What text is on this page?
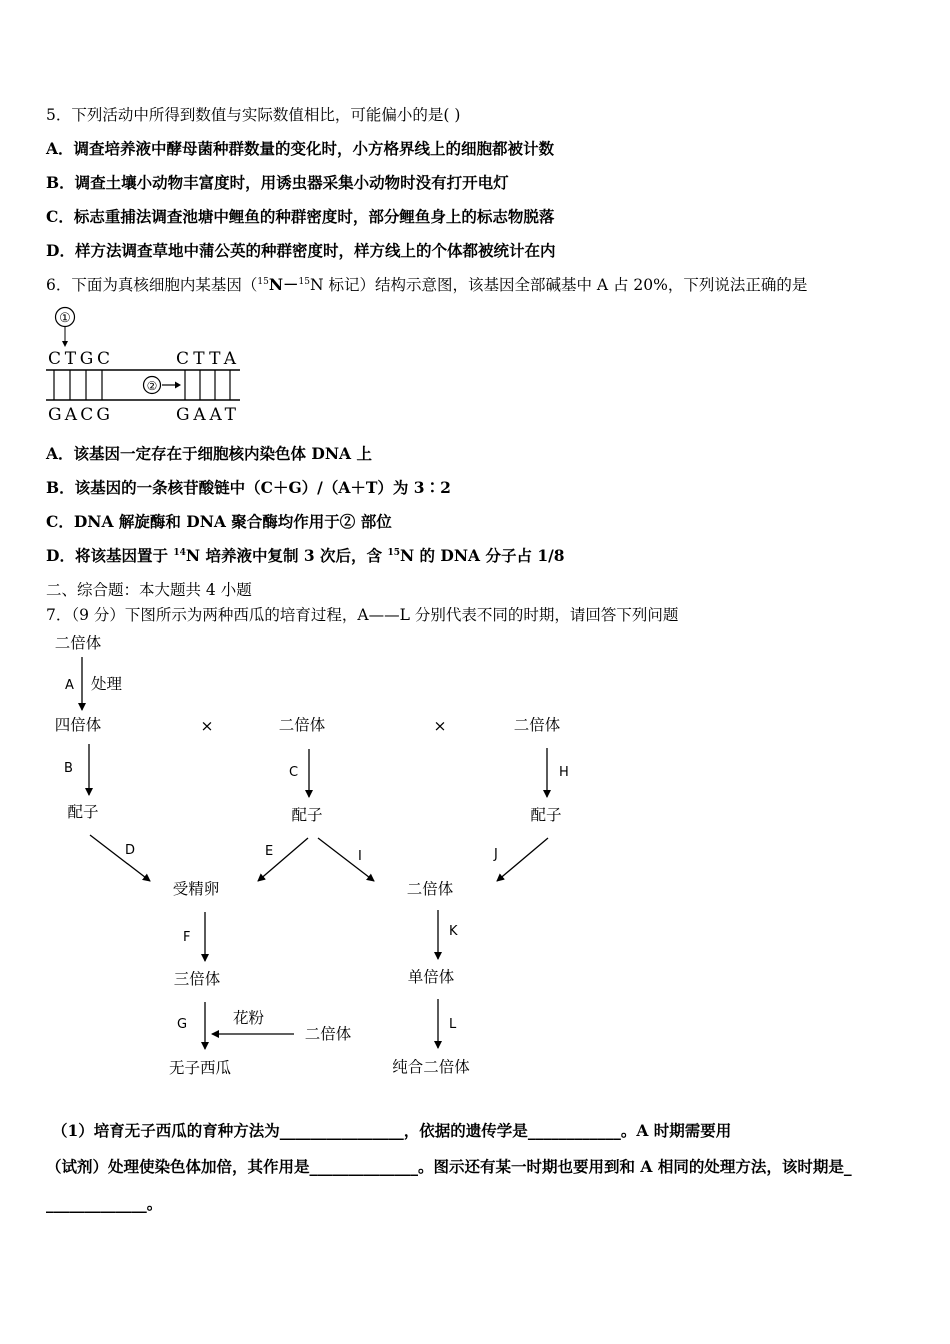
5．下列活动中所得到数值与实际数值相比，可能偏小的是( )
A．调查培养液中酵母菌种群数量的变化时，小方格界线上的细胞都被计数
B．调查土壤小动物丰富度时，用诱虫器采集小动物时没有打开电灯
C．标志重捕法调查池塘中鲤鱼的种群密度时，部分鲤鱼身上的标志物脱落
D．样方法调查草地中蒲公英的种群密度时，样方线上的个体都被统计在内
6．下面为真核细胞内某基因（$^{15}$N－$^{15}$N 标记）结构示意图，该基因全部碱基中 A 占 20%，下列说法正确的是
①
CTGC	CTTA
②
GACG	GAAT
A．该基因一定存在于细胞核内染色体 DNA 上
B．该基因的一条核苷酸链中（C＋G）/（A＋T）为 3∶2
C．DNA 解旋酶和 DNA 聚合酶均作用于② 部位
D．将该基因置于 $^{14}$N 培养液中复制 3 次后，含 $^{15}$N 的 DNA 分子占 1/8
二、综合题：本大题共 4 小题
7．（9 分）下图所示为两种西瓜的培育过程，A——L 分别代表不同的时期，请回答下列问题
二倍体
A 处理
四倍体	×	二倍体	×	二倍体
B	C	H
配子	配子	配子
D	E	I	J
受精卵	二倍体
F	K
三倍体	单倍体
G	花粉
二倍体
L
无子西瓜	纯合二倍体
（1）培育无子西瓜的育种方法为________________，依据的遗传学是____________。A 时期需要用
（试剂）处理使染色体加倍，其作用是______________。图示还有某一时期也要用到和 A 相同的处理方法，该时期是_
_____________。
